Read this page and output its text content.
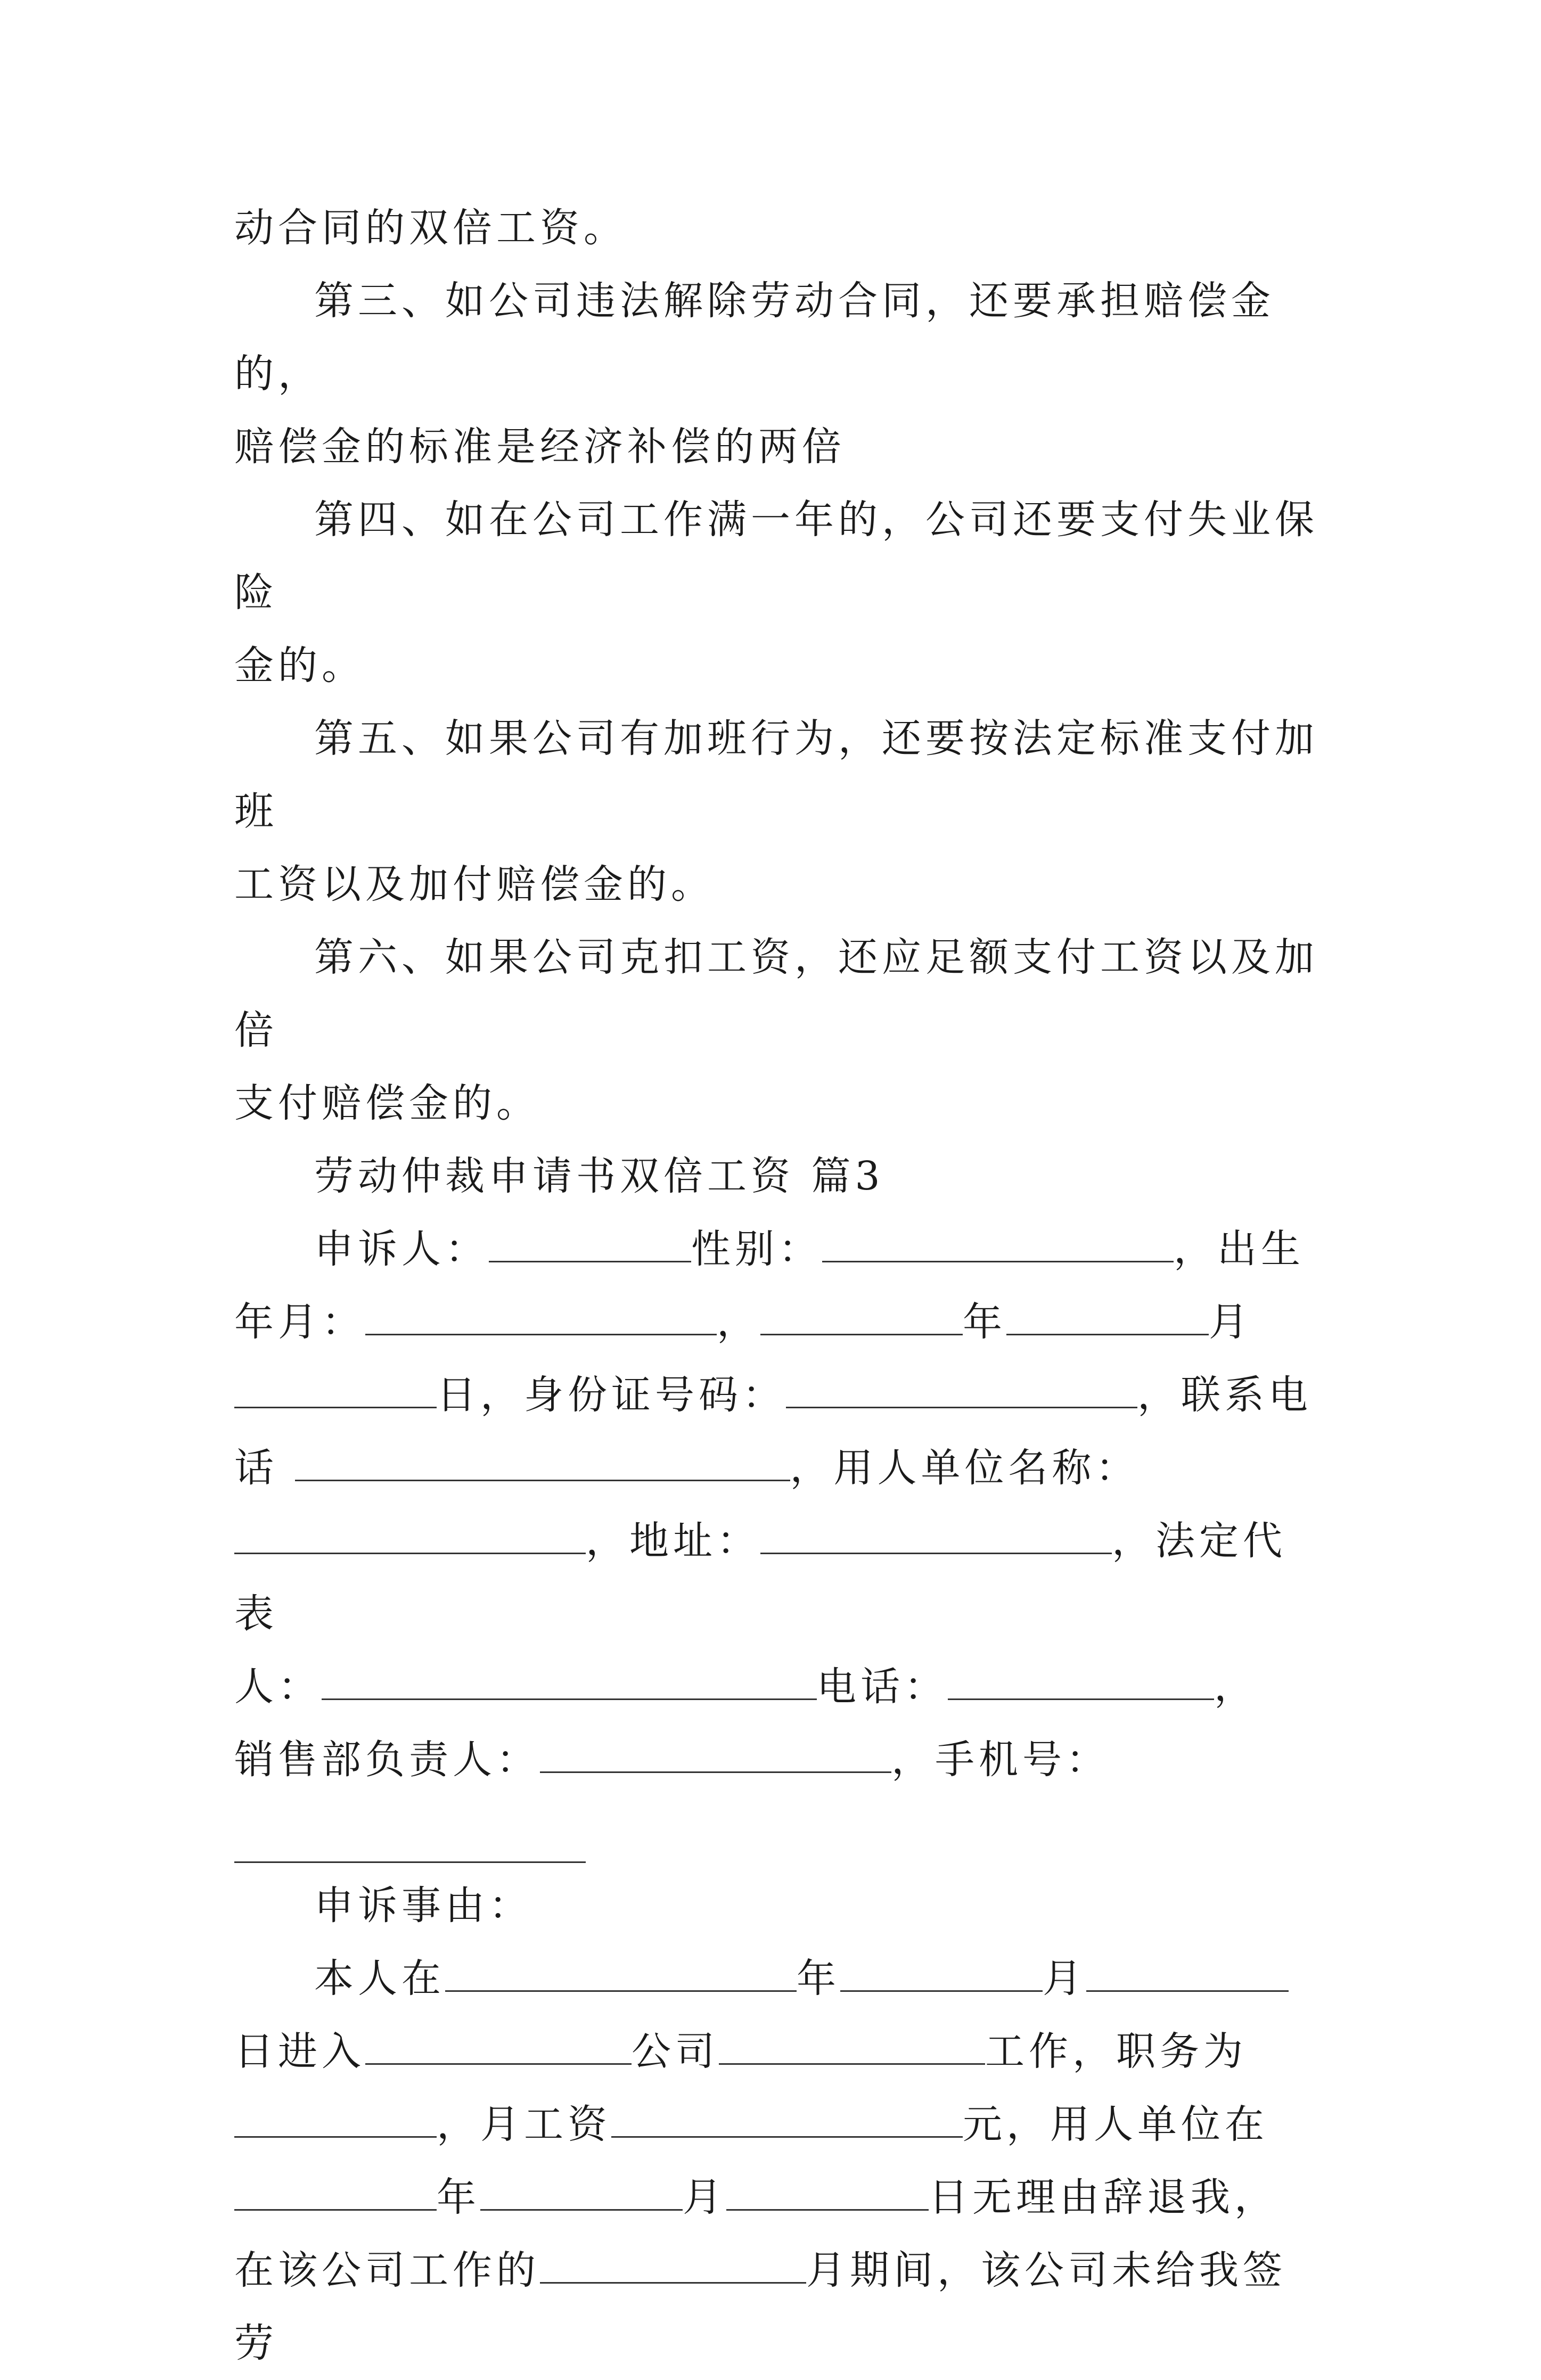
动合同的双倍工资。

第三、如公司违法解除劳动合同，还要承担赔偿金的，
赔偿金的标准是经济补偿的两倍

第四、如在公司工作满一年的，公司还要支付失业保险
金的。

第五、如果公司有加班行为，还要按法定标准支付加班
工资以及加付赔偿金的。

第六、如果公司克扣工资，还应足额支付工资以及加倍
支付赔偿金的。

劳动仲裁申请书双倍工资 篇3

申诉人：	性别：	，出生

年月：	，	年	月

日，身份证号码：	，联系电

话	，用人单位名称：

，地址：	，法定代表

人：	电话：	，

销售部负责人：	，手机号：

申诉事由：

本人在	年	月

日进入	公司	工作，职务为

，月工资	元，用人单位在

年	月	日无理由辞退我，

在该公司工作的	月期间，该公司未给我签劳
